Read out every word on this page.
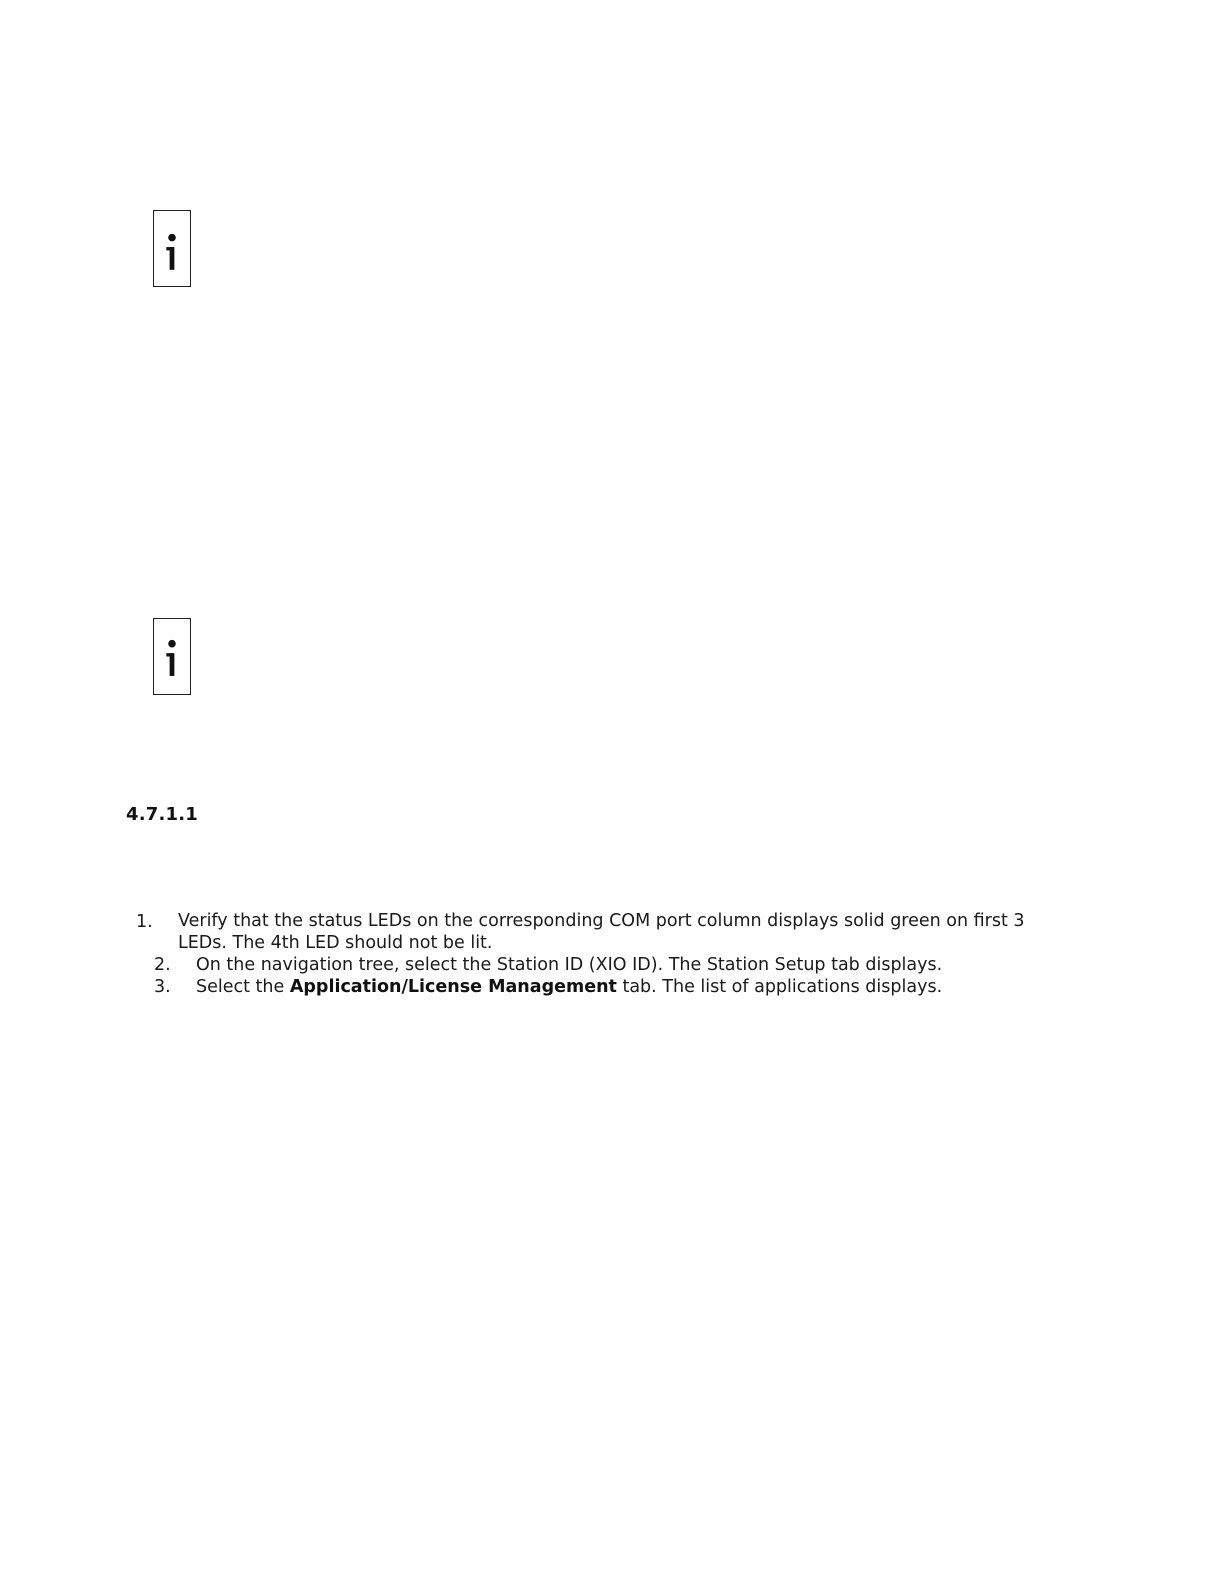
4.7.1.1
1. Verify that the status LEDs on the corresponding COM port column displays solid green on first 3
LEDs. The 4th LED should not be lit.
2. On the navigation tree, select the Station ID (XIO ID). The Station Setup tab displays.
3. Select the Application/License Management tab. The list of applications displays.
